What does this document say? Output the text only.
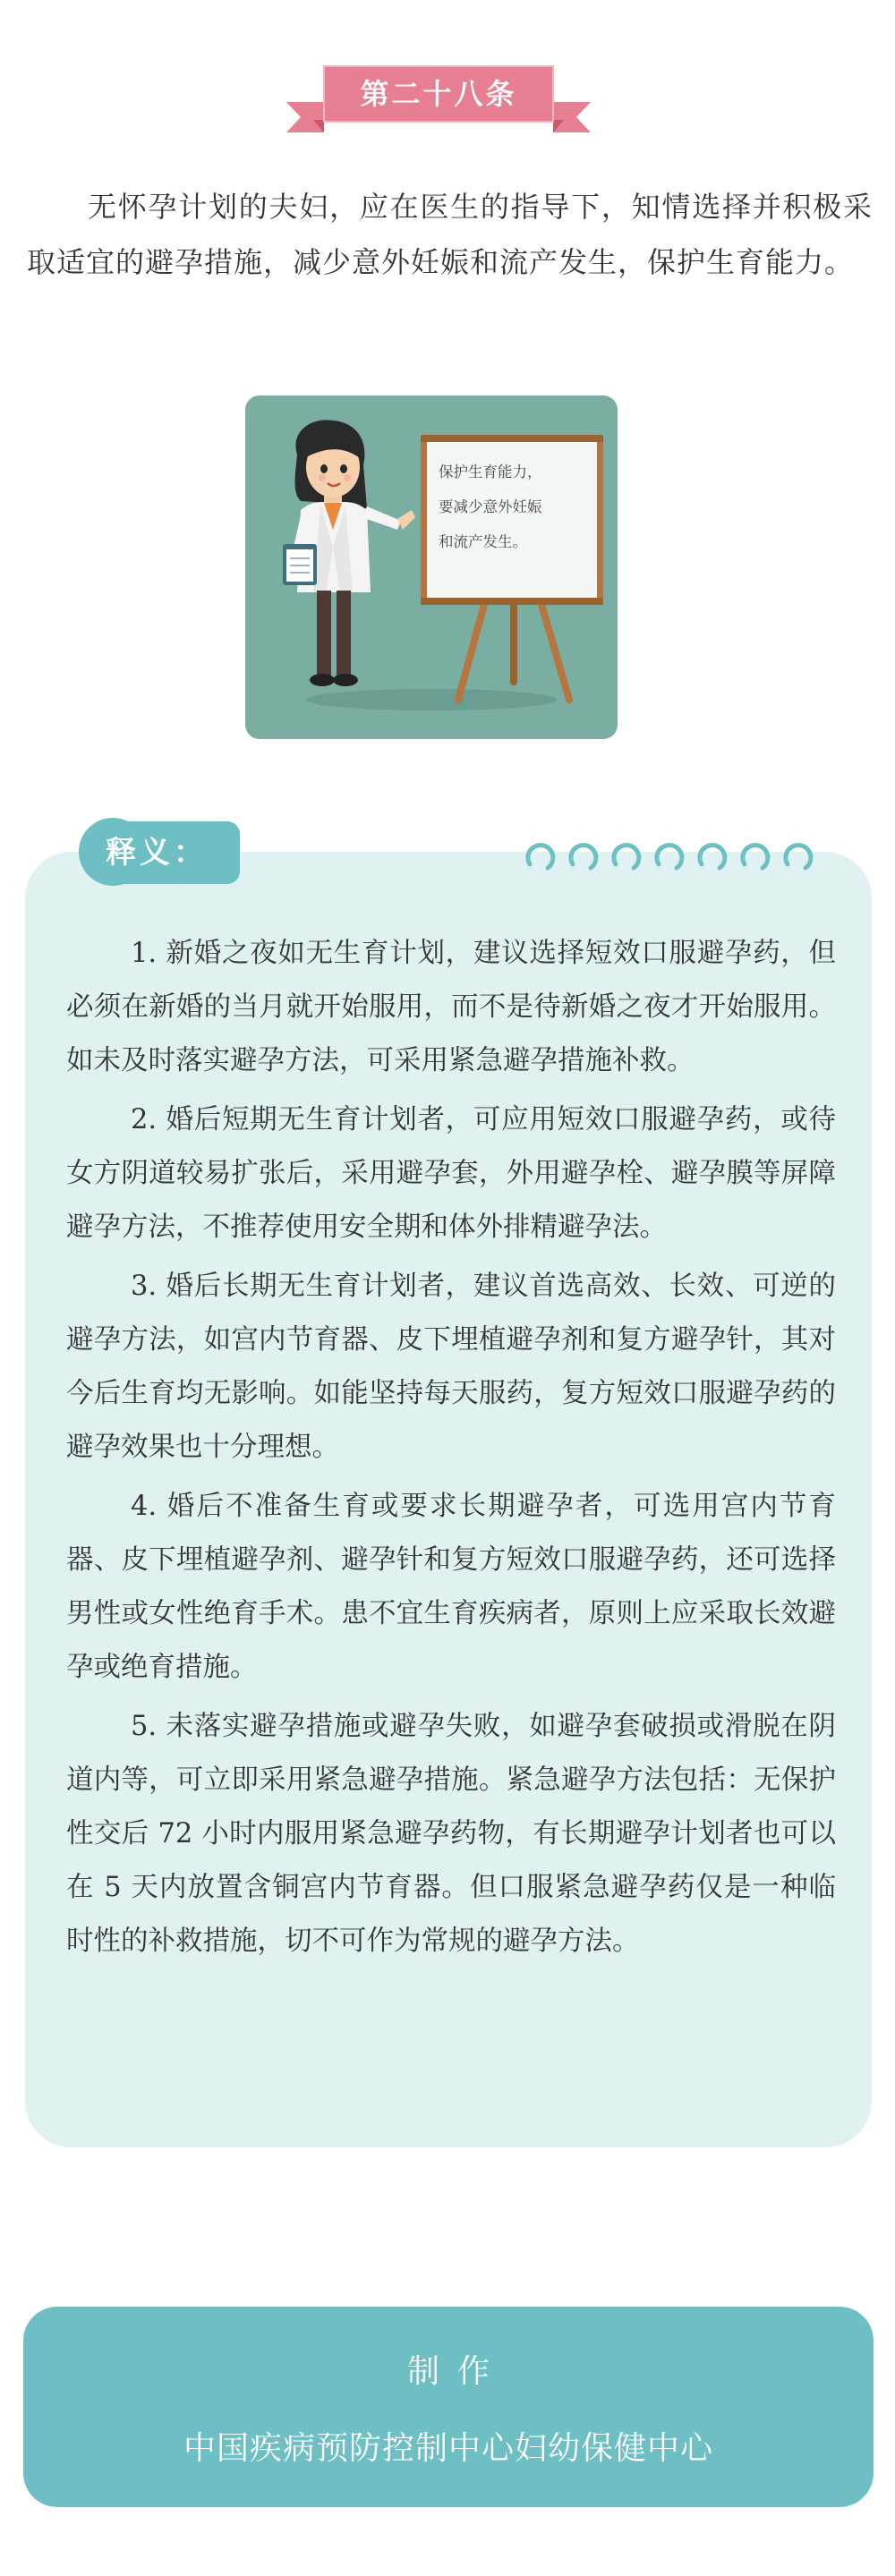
第二十八条
无怀孕计划的夫妇，应在医生的指导下，知情选择并积极采取适宜的避孕措施，减少意外妊娠和流产发生，保护生育能力。
保护生育能力，
要减少意外妊娠
和流产发生。
释义：

1. 新婚之夜如无生育计划，建议选择短效口服避孕药，但必须在新婚的当月就开始服用，而不是待新婚之夜才开始服用。如未及时落实避孕方法，可采用紧急避孕措施补救。

2. 婚后短期无生育计划者，可应用短效口服避孕药，或待女方阴道较易扩张后，采用避孕套，外用避孕栓、避孕膜等屏障避孕方法，不推荐使用安全期和体外排精避孕法。

3. 婚后长期无生育计划者，建议首选高效、长效、可逆的避孕方法，如宫内节育器、皮下埋植避孕剂和复方避孕针，其对今后生育均无影响。如能坚持每天服药，复方短效口服避孕药的避孕效果也十分理想。

4. 婚后不准备生育或要求长期避孕者，可选用宫内节育器、皮下埋植避孕剂、避孕针和复方短效口服避孕药，还可选择男性或女性绝育手术。患不宜生育疾病者，原则上应采取长效避孕或绝育措施。

5. 未落实避孕措施或避孕失败，如避孕套破损或滑脱在阴道内等，可立即采用紧急避孕措施。紧急避孕方法包括：无保护性交后 72 小时内服用紧急避孕药物，有长期避孕计划者也可以在 5 天内放置含铜宫内节育器。但口服紧急避孕药仅是一种临时性的补救措施，切不可作为常规的避孕方法。

制作
中国疾病预防控制中心妇幼保健中心
